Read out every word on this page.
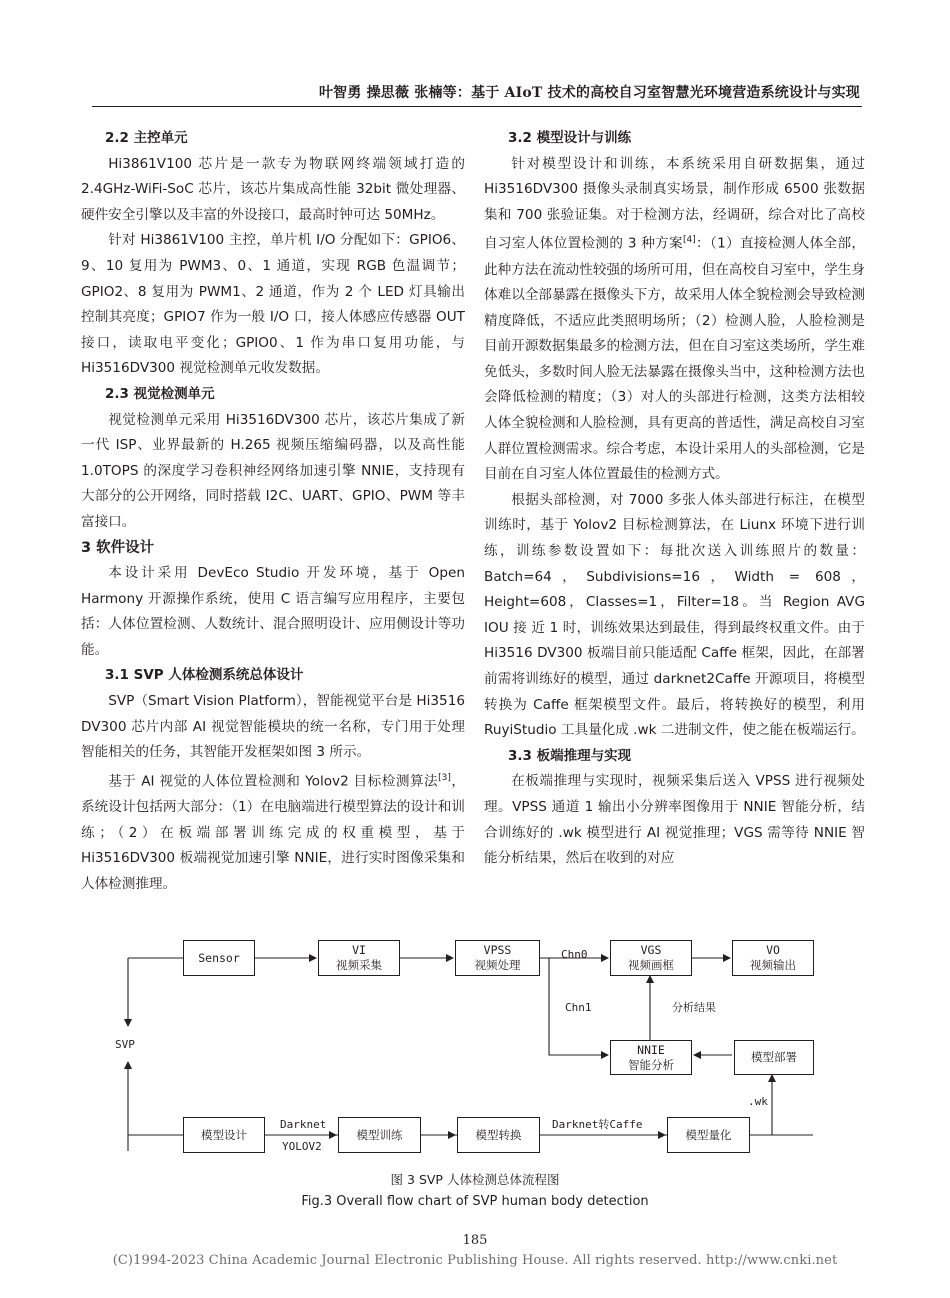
叶智勇 操思薇 张楠等：基于 AIoT 技术的高校自习室智慧光环境营造系统设计与实现
2.2 主控单元

Hi3861V100 芯片是一款专为物联网终端领域打造的 2.4GHz-WiFi-SoC 芯片，该芯片集成高性能 32bit 微处理器、硬件安全引擎以及丰富的外设接口，最高时钟可达 50MHz。

针对 Hi3861V100 主控，单片机 I/O 分配如下：GPIO6、9、10 复用为 PWM3、0、1 通道，实现 RGB 色温调节；GPIO2、8 复用为 PWM1、2 通道，作为 2 个 LED 灯具输出控制其亮度；GPIO7 作为一般 I/O 口，接人体感应传感器 OUT 接口，读取电平变化；GPIO0、1 作为串口复用功能，与 Hi3516DV300 视觉检测单元收发数据。

2.3 视觉检测单元

视觉检测单元采用 Hi3516DV300 芯片，该芯片集成了新一代 ISP、业界最新的 H.265 视频压缩编码器，以及高性能 1.0TOPS 的深度学习卷积神经网络加速引擎 NNIE，支持现有大部分的公开网络，同时搭载 I2C、UART、GPIO、PWM 等丰富接口。

3 软件设计

本设计采用 DevEco Studio 开发环境，基于 Open Harmony 开源操作系统，使用 C 语言编写应用程序，主要包括：人体位置检测、人数统计、混合照明设计、应用侧设计等功能。

3.1 SVP 人体检测系统总体设计

SVP（Smart Vision Platform），智能视觉平台是 Hi3516 DV300 芯片内部 AI 视觉智能模块的统一名称，专门用于处理智能相关的任务，其智能开发框架如图 3 所示。

基于 AI 视觉的人体位置检测和 Yolov2 目标检测算法[3]，系统设计包括两大部分：（1）在电脑端进行模型算法的设计和训练；（2）在板端部署训练完成的权重模型，基于 Hi3516DV300 板端视觉加速引擎 NNIE，进行实时图像采集和人体检测推理。

3.2 模型设计与训练

针对模型设计和训练，本系统采用自研数据集，通过 Hi3516DV300 摄像头录制真实场景，制作形成 6500 张数据集和 700 张验证集。对于检测方法，经调研，综合对比了高校自习室人体位置检测的 3 种方案[4]：（1）直接检测人体全部，此种方法在流动性较强的场所可用，但在高校自习室中，学生身体难以全部暴露在摄像头下方，故采用人体全貌检测会导致检测精度降低，不适应此类照明场所；（2）检测人脸，人脸检测是目前开源数据集最多的检测方法，但在自习室这类场所，学生难免低头，多数时间人脸无法暴露在摄像头当中，这种检测方法也会降低检测的精度；（3）对人的头部进行检测，这类方法相较人体全貌检测和人脸检测，具有更高的普适性，满足高校自习室人群位置检测需求。综合考虑，本设计采用人的头部检测，它是目前在自习室人体位置最佳的检测方式。

根据头部检测，对 7000 多张人体头部进行标注，在模型训练时，基于 Yolov2 目标检测算法，在 Liunx 环境下进行训练，训练参数设置如下：每批次送入训练照片的数量：Batch=64，Subdivisions=16，Width = 608，Height=608，Classes=1，Filter=18。当 Region AVG IOU 接 近 1 时，训练效果达到最佳，得到最终权重文件。由于 Hi3516 DV300 板端目前只能适配 Caffe 框架，因此，在部署前需将训练好的模型，通过 darknet2Caffe 开源项目，将模型转换为 Caffe 框架模型文件。最后，将转换好的模型，利用 RuyiStudio 工具量化成 .wk 二进制文件，使之能在板端运行。

3.3 板端推理与实现

在板端推理与实现时，视频采集后送入 VPSS 进行视频处理。VPSS 通道 1 输出小分辨率图像用于 NNIE 智能分析，结合训练好的 .wk 模型进行 AI 视觉推理；VGS 需等待 NNIE 智能分析结果，然后在收到的对应

Sensor
VI
视频采集
VPSS
视频处理
VGS
视频画框
VO
视频输出
NNIE
智能分析
模型部署
模型设计	模型训练	模型转换	模型量化
SVP
Chn0
Chn1	分析结果
.wk
Darknet
YOLOV2
Darknet转Caffe
图 3 SVP 人体检测总体流程图
Fig.3 Overall flow chart of SVP human body detection
185
(C)1994-2023 China Academic Journal Electronic Publishing House. All rights reserved. http://www.cnki.net
